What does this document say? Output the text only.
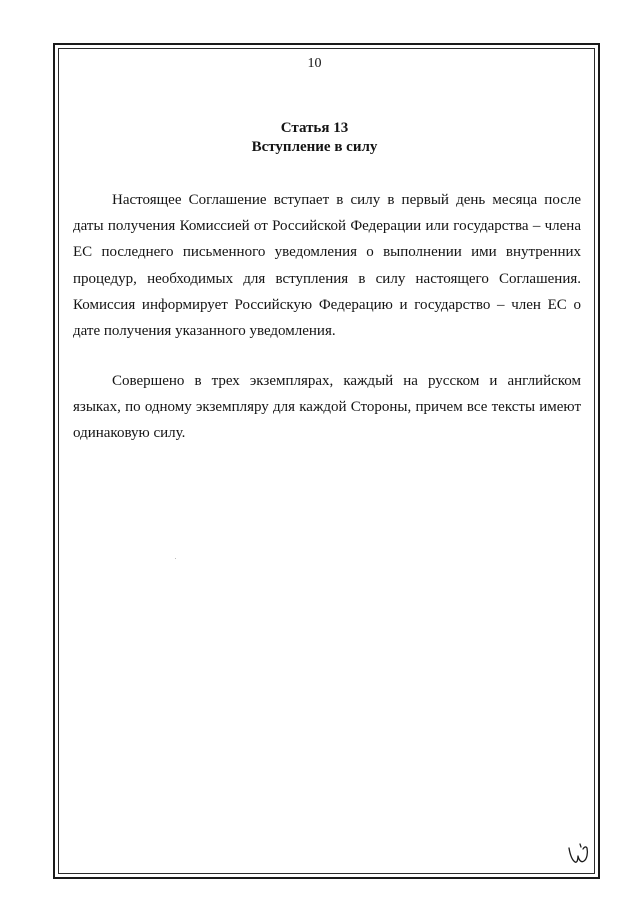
10
Статья 13
Вступление в силу

Настоящее Соглашение вступает в силу в первый день месяца после даты получения Комиссией от Российской Федерации или государства – члена ЕС последнего письменного уведомления о выполнении ими внутренних процедур, необходимых для вступления в силу настоящего Соглашения. Комиссия информирует Российскую Федерацию и государство – член ЕС о дате получения указанного уведомления.

Совершено в трех экземплярах, каждый на русском и английском языках, по одному экземпляру для каждой Стороны, причем все тексты имеют одинаковую силу.
